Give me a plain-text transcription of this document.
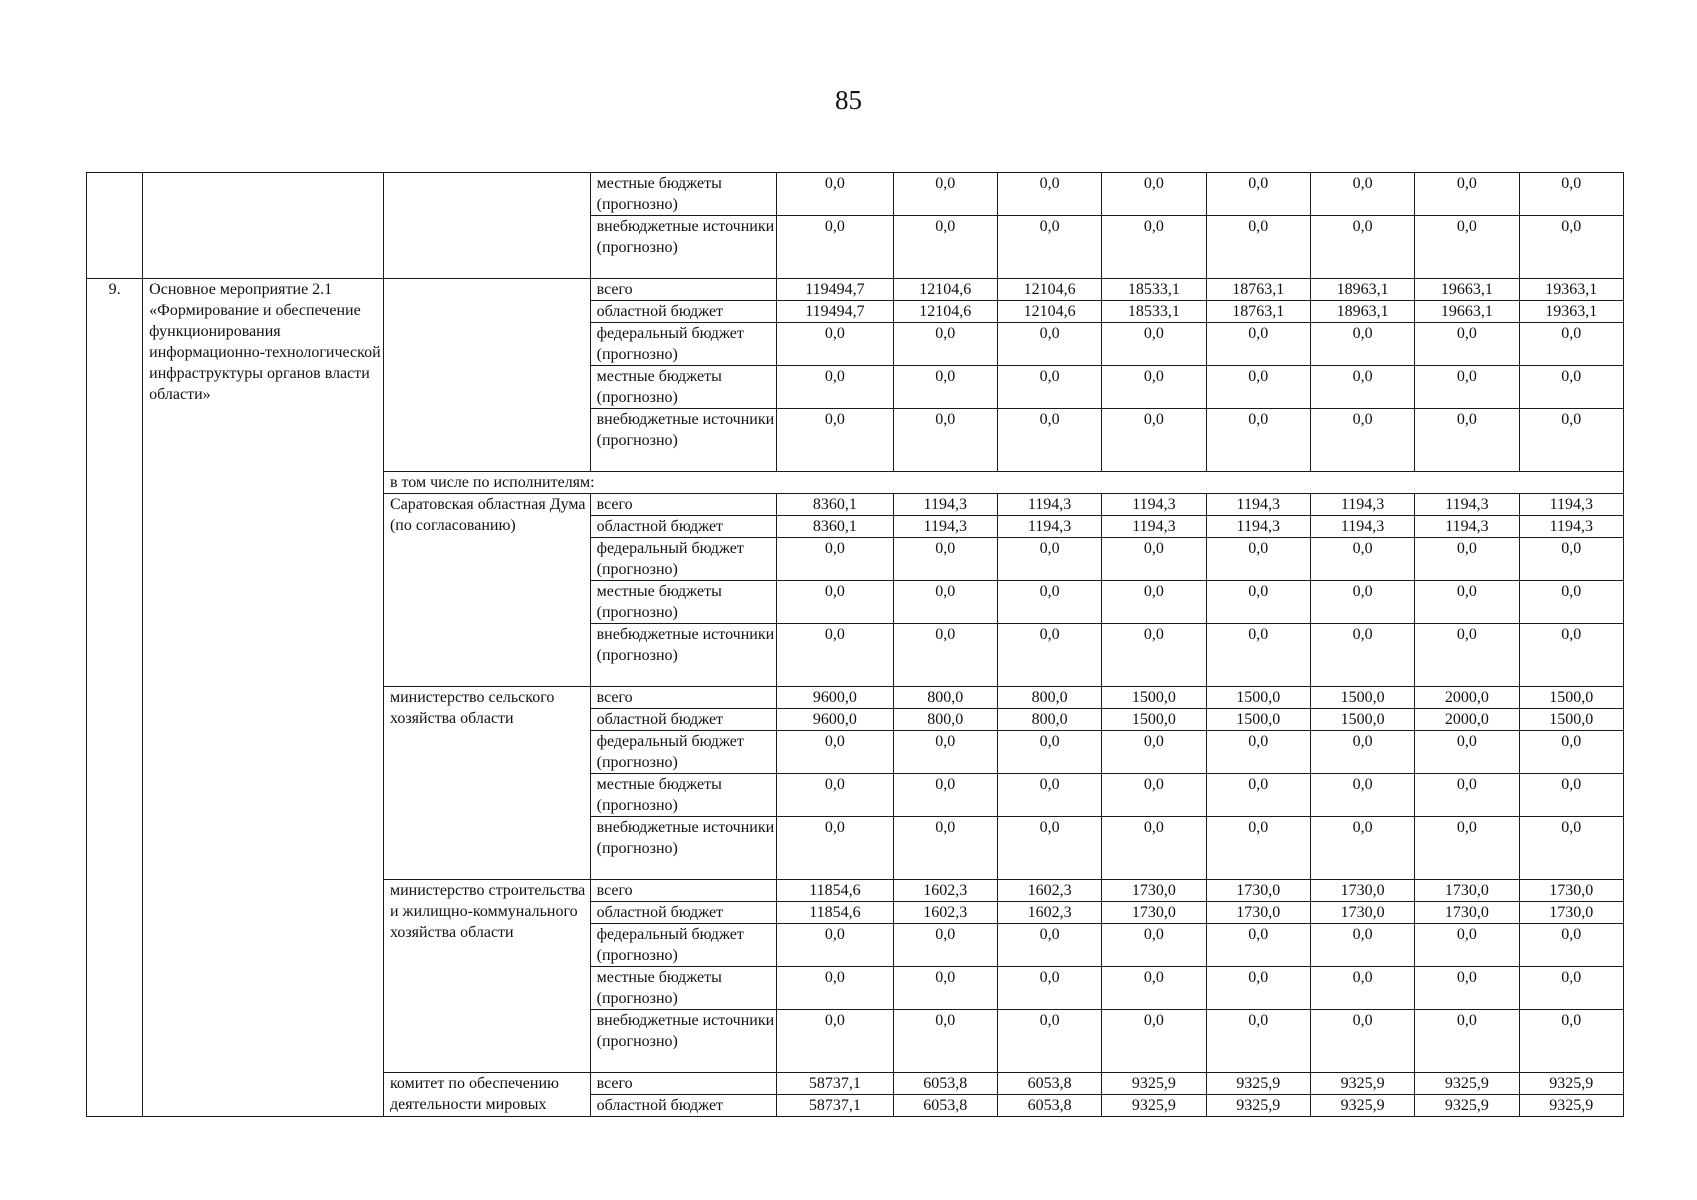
85
			местные бюджеты (прогнозно)	0,0	0,0	0,0	0,0	0,0	0,0	0,0	0,0
			внебюджетные источники (прогнозно)	0,0	0,0	0,0	0,0	0,0	0,0	0,0	0,0
9.	Основное мероприятие 2.1 «Формирование и обеспечение функционирования информационно-технологической инфраструктуры органов власти области»		всего	119494,7	12104,6	12104,6	18533,1	18763,1	18963,1	19663,1	19363,1
			областной бюджет	119494,7	12104,6	12104,6	18533,1	18763,1	18963,1	19663,1	19363,1
			федеральный бюджет (прогнозно)	0,0	0,0	0,0	0,0	0,0	0,0	0,0	0,0
			местные бюджеты (прогнозно)	0,0	0,0	0,0	0,0	0,0	0,0	0,0	0,0
			внебюджетные источники (прогнозно)	0,0	0,0	0,0	0,0	0,0	0,0	0,0	0,0
		в том числе по исполнителям:									
		Саратовская областная Дума (по согласованию)	всего	8360,1	1194,3	1194,3	1194,3	1194,3	1194,3	1194,3	1194,3
			областной бюджет	8360,1	1194,3	1194,3	1194,3	1194,3	1194,3	1194,3	1194,3
			федеральный бюджет (прогнозно)	0,0	0,0	0,0	0,0	0,0	0,0	0,0	0,0
			местные бюджеты (прогнозно)	0,0	0,0	0,0	0,0	0,0	0,0	0,0	0,0
			внебюджетные источники (прогнозно)	0,0	0,0	0,0	0,0	0,0	0,0	0,0	0,0
		министерство сельского хозяйства области	всего	9600,0	800,0	800,0	1500,0	1500,0	1500,0	2000,0	1500,0
			областной бюджет	9600,0	800,0	800,0	1500,0	1500,0	1500,0	2000,0	1500,0
			федеральный бюджет (прогнозно)	0,0	0,0	0,0	0,0	0,0	0,0	0,0	0,0
			местные бюджеты (прогнозно)	0,0	0,0	0,0	0,0	0,0	0,0	0,0	0,0
			внебюджетные источники (прогнозно)	0,0	0,0	0,0	0,0	0,0	0,0	0,0	0,0
		министерство строительства и жилищно-коммунального хозяйства области	всего	11854,6	1602,3	1602,3	1730,0	1730,0	1730,0	1730,0	1730,0
			областной бюджет	11854,6	1602,3	1602,3	1730,0	1730,0	1730,0	1730,0	1730,0
			федеральный бюджет (прогнозно)	0,0	0,0	0,0	0,0	0,0	0,0	0,0	0,0
			местные бюджеты (прогнозно)	0,0	0,0	0,0	0,0	0,0	0,0	0,0	0,0
			внебюджетные источники (прогнозно)	0,0	0,0	0,0	0,0	0,0	0,0	0,0	0,0
		комитет по обеспечению деятельности мировых	всего	58737,1	6053,8	6053,8	9325,9	9325,9	9325,9	9325,9	9325,9
			областной бюджет	58737,1	6053,8	6053,8	9325,9	9325,9	9325,9	9325,9	9325,9
